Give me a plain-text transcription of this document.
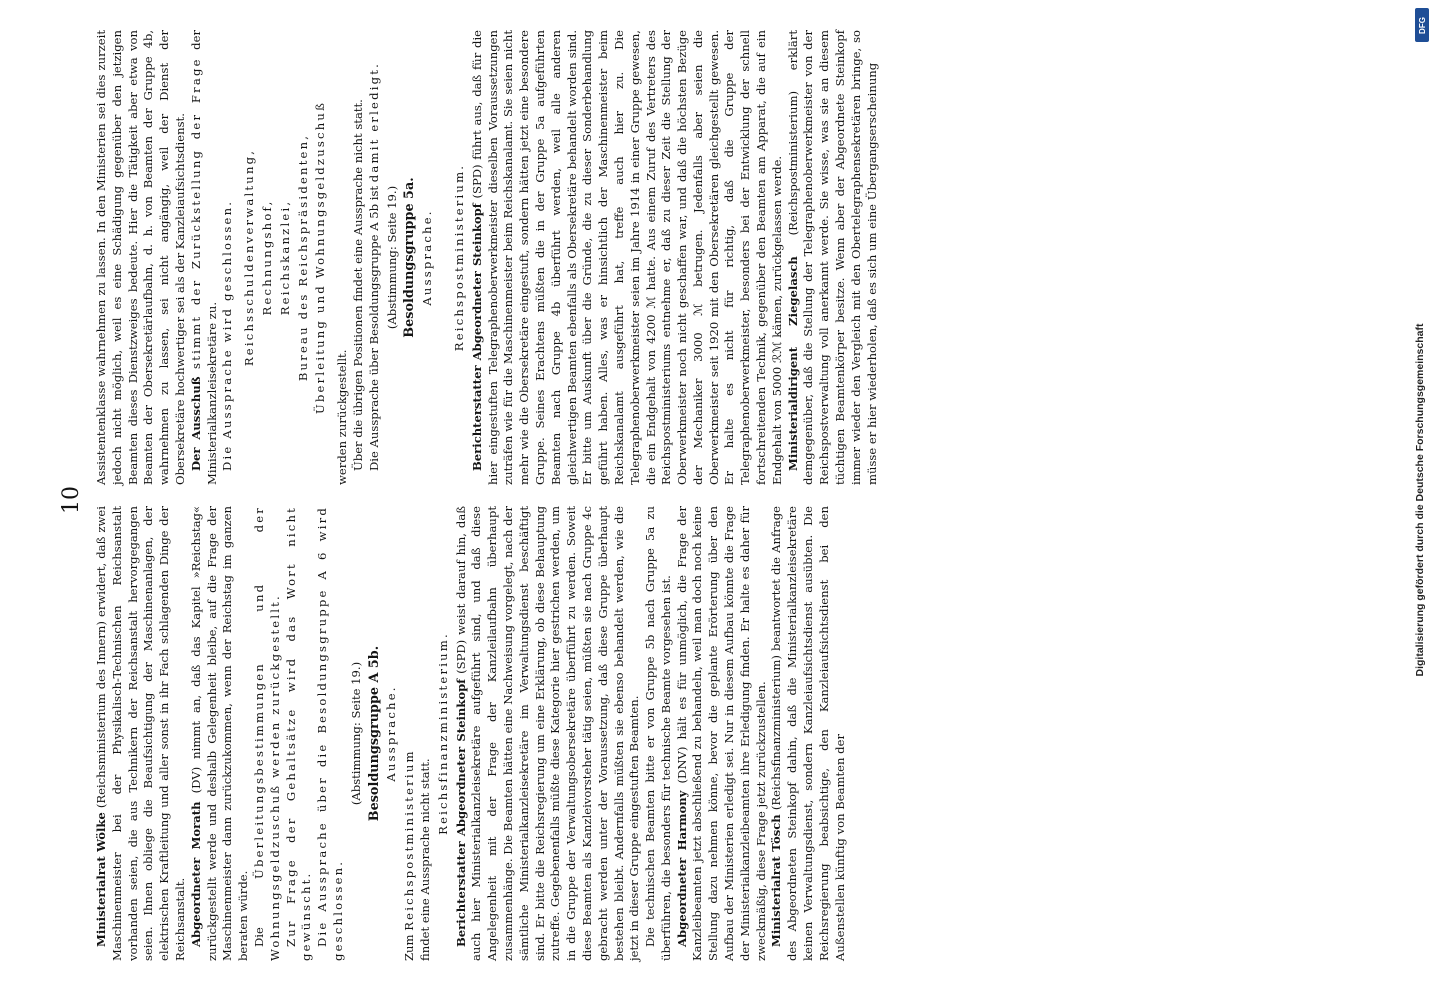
DFG
Digitalisierung gefördert durch die Deutsche Forschungsgemeinschaft

10

Ministerialrat Wölke (Reichsministerium des Innern) erwidert, daß zwei Maschinenmeister bei der Physikalisch-Technischen Reichsanstalt vorhanden seien, die aus Technikern der Reichsanstalt hervorgegangen seien. Ihnen obliege die Beaufsichtigung der Maschinenanlagen, der elektrischen Kraftleitung und aller sonst in ihr Fach schlagenden Dinge der Reichsanstalt. Abgeordneter Morath (DV) nimmt an, daß das Kapitel »Reichstag« zurückgestellt werde und deshalb Gelegenheit bleibe, auf die Frage der Maschinenmeister dann zurückzukommen, wenn der Reichstag im ganzen beraten würde. Die Überleitungsbestimmungen und der Wohnungsgeldzuschuß werden zurückgestellt. Zur Frage der Gehaltsätze wird das Wort nicht gewünscht. Die Aussprache über die Besoldungsgruppe A 6 wird geschlossen.

(Abstimmung: Seite 19.) Besoldungsgruppe A 5b. Aussprache.

Zum Reichspostministerium findet eine Aussprache nicht statt.

Reichsfinanzministerium. Berichterstatter Abgeordneter Steinkopf (SPD) weist darauf hin, daß auch hier Ministerialkanzleisekretäre aufgeführt sind, und daß diese Angelegenheit mit der Frage der Kanzleilaufbahn überhaupt zusammenhänge. Die Beamten hätten eine Nachweisung vorgelegt, nach der sämtliche Ministerialkanzleisekretäre im Verwaltungsdienst beschäftigt sind. Er bitte die Reichsregierung um eine Erklärung, ob diese Behauptung zutreffe. Gegebenenfalls müßte diese Kategorie hier gestrichen werden, um in die Gruppe der Verwaltungsobersekretäre überführt zu werden. Soweit diese Beamten als Kanzleivorsteher tätig seien, müßten sie nach Gruppe 4c gebracht werden unter der Voraussetzung, daß diese Gruppe überhaupt bestehen bleibt. Andernfalls müßten sie ebenso behandelt werden, wie die jetzt in dieser Gruppe eingestuften Beamten. Die technischen Beamten bitte er von Gruppe 5b nach Gruppe 5a zu überführen, die besonders für technische Beamte vorgesehen ist. Abgeordneter Harmony (DNV) hält es für unmöglich, die Frage der Kanzleibeamten jetzt abschließend zu behandeln, weil man doch noch keine Stellung dazu nehmen könne, bevor die geplante Erörterung über den Aufbau der Ministerien erledigt sei. Nur in diesem Aufbau könnte die Frage der Ministerialkanzleibeamten ihre Erledigung finden. Er halte es daher für zweckmäßig, diese Frage jetzt zurückzustellen. Ministerialrat Tösch (Reichsfinanzministerium) beantwortet die Anfrage des Abgeordneten Steinkopf dahin, daß die Ministerialkanzleisekretäre keinen Verwaltungsdienst, sondern Kanzleiaufsichtsdienst ausübten. Die Reichsregierung beabsichtige, den Kanzleiaufsichtsdienst bei den Außenstellen künftig von Beamten der

Assistentenklasse wahrnehmen zu lassen. In den Ministerien sei dies zurzeit jedoch nicht möglich, weil es eine Schädigung gegenüber den jetzigen Beamten dieses Dienstzweiges bedeute. Hier die Tätigkeit aber etwa von Beamten der Obersekretärlaufbahn, d. h. von Beamten der Gruppe 4b, wahrnehmen zu lassen, sei nicht angängig, weil der Dienst der Obersekretäre hochwertiger sei als der Kanzleiaufsichtsdienst. Der Ausschuß stimmt der Zurückstellung der Frage der Ministerialkanzleisekretäre zu. Die Aussprache wird geschlossen. Reichsschuldenverwaltung, Rechnungshof, Reichskanzlei, Bureau des Reichspräsidenten, Überleitung und Wohnungsgeldzuschuß

werden zurückgestellt. Über die übrigen Positionen findet eine Aussprache nicht statt. Die Aussprache über Besoldungsgruppe A 5b ist damit erledigt.

(Abstimmung: Seite 19.) Besoldungsgruppe 5a. Aussprache. Reichspostministerium. Berichterstatter Abgeordneter Steinkopf (SPD) führt aus, daß für die hier eingestuften Telegraphenoberwerkmeister dieselben Voraussetzungen zuträfen wie für die Maschinenmeister beim Reichskanalamt. Sie seien nicht mehr wie die Obersekretäre eingestuft, sondern hätten jetzt eine besondere Gruppe. Seines Erachtens müßten die in der Gruppe 5a aufgeführten Beamten nach Gruppe 4b überführt werden, weil alle anderen gleichwertigen Beamten ebenfalls als Obersekretäre behandelt worden sind. Er bitte um Auskunft über die Gründe, die zu dieser Sonderbehandlung geführt haben. Alles, was er hinsichtlich der Maschinenmeister beim Reichskanalamt ausgeführt hat, treffe auch hier zu. Die Telegraphenoberwerkmeister seien im Jahre 1914 in einer Gruppe gewesen, die ein Endgehalt von 4200 ℳ hatte. Aus einem Zuruf des Vertreters des Reichspostministeriums entnehme er, daß zu dieser Zeit die Stellung der Oberwerkmeister noch nicht geschaffen war, und daß die höchsten Bezüge der Mechaniker 3000 ℳ betrugen. Jedenfalls aber seien die Oberwerkmeister seit 1920 mit den Obersekretären gleichgestellt gewesen. Er halte es nicht für richtig, daß die Gruppe der Telegraphenoberwerkmeister, besonders bei der Entwicklung der schnell fortschreitenden Technik, gegenüber den Beamten am Apparat, die auf ein Endgehalt von 5000 ℛℳ kämen, zurückgelassen werde. Ministerialdirigent Ziegelasch (Reichspostministerium) erklärt demgegenüber, daß die Stellung der Telegraphenoberwerkmeister von der Reichspostverwaltung voll anerkannt werde. Sie wisse, was sie an diesem tüchtigen Beamtenkörper besitze. Wenn aber der Abgeordnete Steinkopf immer wieder den Vergleich mit den Obertelegraphensekretären bringe, so müsse er hier wiederholen, daß es sich um eine Übergangserscheinung
